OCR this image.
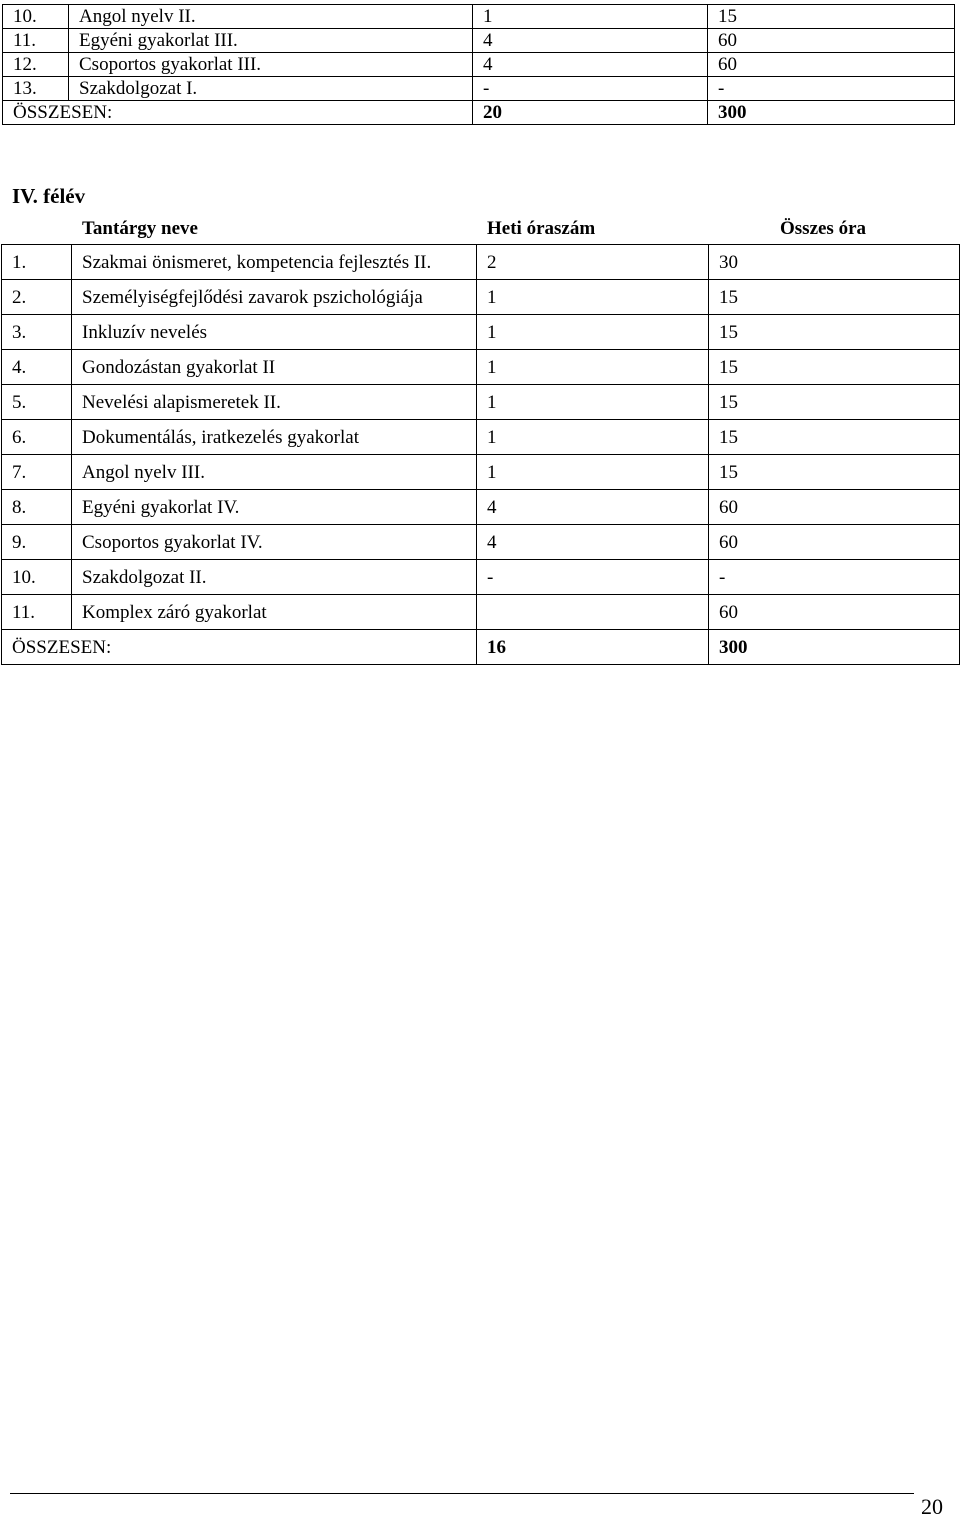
10.	Angol nyelv II.	1	15
11.	Egyéni gyakorlat III.	4	60
12.	Csoportos gyakorlat III.	4	60
13.	Szakdolgozat I.	-	-
ÖSSZESEN:		20	300
IV. félév
Tantárgy neve	Heti óraszám	Összes óra
1.	Szakmai önismeret, kompetencia fejlesztés II.	2	30
2.	Személyiségfejlődési zavarok pszichológiája	1	15
3.	Inkluzív nevelés	1	15
4.	Gondozástan gyakorlat II	1	15
5.	Nevelési alapismeretek II.	1	15
6.	Dokumentálás, iratkezelés gyakorlat	1	15
7.	Angol nyelv III.	1	15
8.	Egyéni gyakorlat IV.	4	60
9.	Csoportos gyakorlat IV.	4	60
10.	Szakdolgozat II.	-	-
11.	Komplex záró gyakorlat		60
ÖSSZESEN:		16	300
20
